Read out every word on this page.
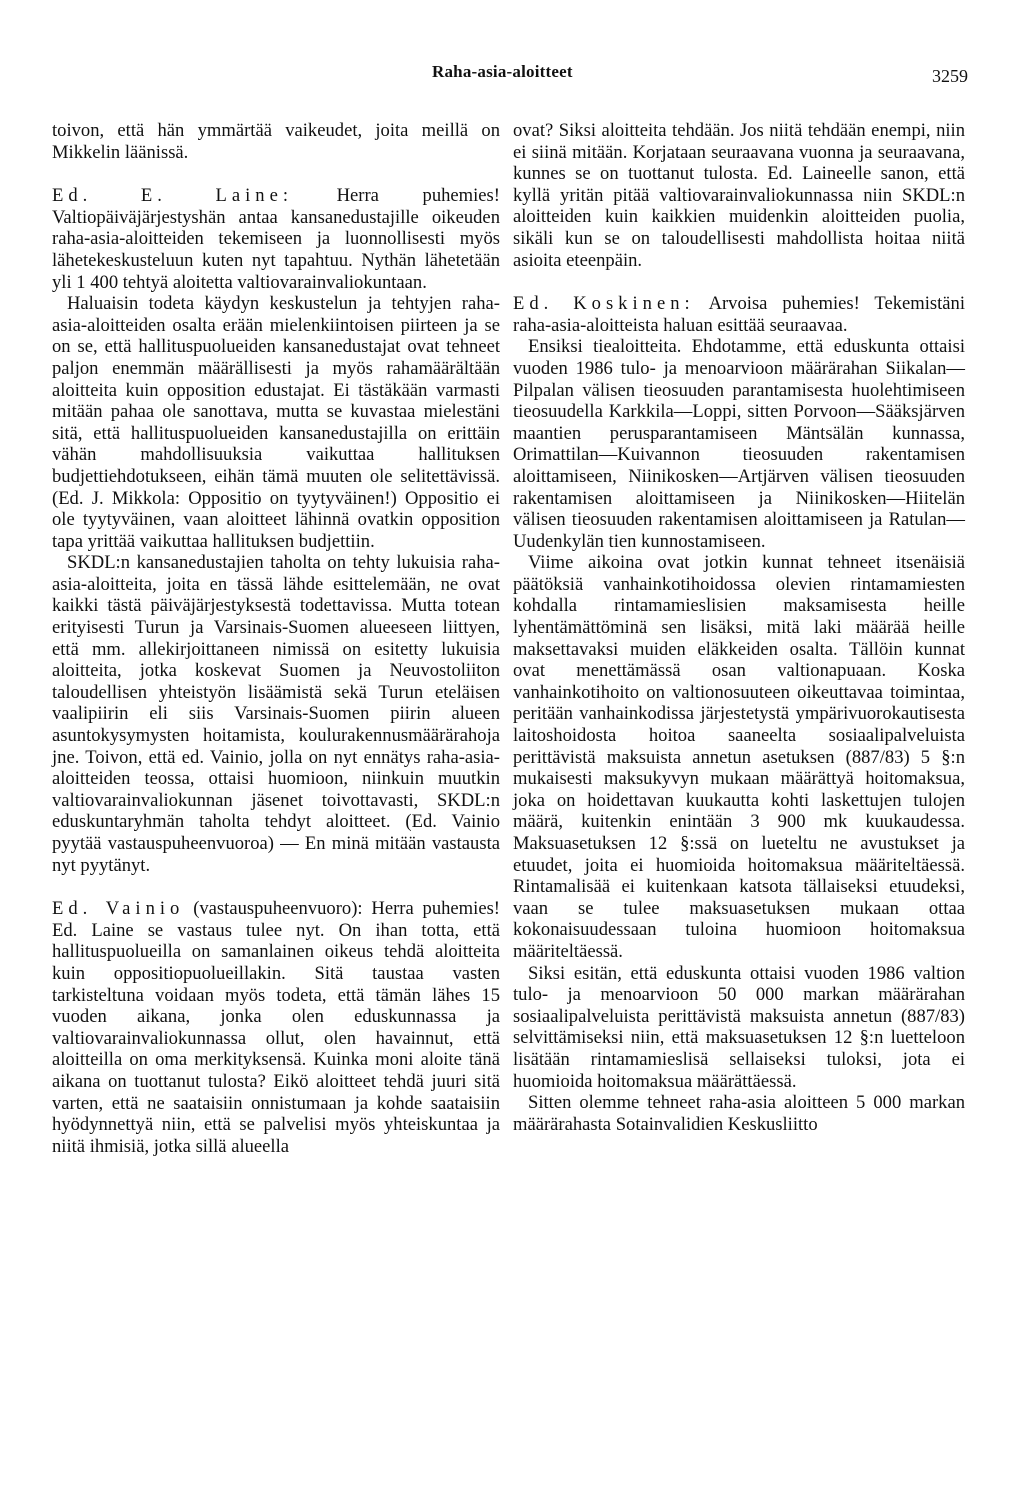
Raha-asia-aloitteet	3259

toivon, että hän ymmärtää vaikeudet, joita meillä on Mikkelin läänissä.

Ed. E. Laine: Herra puhemies! Valtiopäiväjärjestyshän antaa kansanedustajille oikeuden raha-asia-aloitteiden tekemiseen ja luonnollisesti myös lähetekeskusteluun kuten nyt tapahtuu. Nythän lähetetään yli 1 400 tehtyä aloitetta valtiovarainvaliokuntaan.

Haluaisin todeta käydyn keskustelun ja tehtyjen raha-asia-aloitteiden osalta erään mielenkiintoisen piirteen ja se on se, että hallituspuolueiden kansanedustajat ovat tehneet paljon enemmän määrällisesti ja myös rahamäärältään aloitteita kuin opposition edustajat. Ei tästäkään varmasti mitään pahaa ole sanottava, mutta se kuvastaa mielestäni sitä, että hallituspuolueiden kansanedustajilla on erittäin vähän mahdollisuuksia vaikuttaa hallituksen budjettiehdotukseen, eihän tämä muuten ole selitettävissä. (Ed. J. Mikkola: Oppositio on tyytyväinen!) Oppositio ei ole tyytyväinen, vaan aloitteet lähinnä ovatkin opposition tapa yrittää vaikuttaa hallituksen budjettiin.

SKDL:n kansanedustajien taholta on tehty lukuisia raha-asia-aloitteita, joita en tässä lähde esittelemään, ne ovat kaikki tästä päiväjärjestyksestä todettavissa. Mutta totean erityisesti Turun ja Varsinais-Suomen alueeseen liittyen, että mm. allekirjoittaneen nimissä on esitetty lukuisia aloitteita, jotka koskevat Suomen ja Neuvostoliiton taloudellisen yhteistyön lisäämistä sekä Turun eteläisen vaalipiirin eli siis Varsinais-Suomen piirin alueen asuntokysymysten hoitamista, koulurakennusmäärärahoja jne. Toivon, että ed. Vainio, jolla on nyt ennätys raha-asia-aloitteiden teossa, ottaisi huomioon, niinkuin muutkin valtiovarainvaliokunnan jäsenet toivottavasti, SKDL:n eduskuntaryhmän taholta tehdyt aloitteet. (Ed. Vainio pyytää vastauspuheenvuoroa) — En minä mitään vastausta nyt pyytänyt.

Ed. Vainio (vastauspuheenvuoro): Herra puhemies! Ed. Laine se vastaus tulee nyt. On ihan totta, että hallituspuolueilla on samanlainen oikeus tehdä aloitteita kuin oppositiopuolueillakin. Sitä taustaa vasten tarkisteltuna voidaan myös todeta, että tämän lähes 15 vuoden aikana, jonka olen eduskunnassa ja valtiovarainvaliokunnassa ollut, olen havainnut, että aloitteilla on oma merkityksensä. Kuinka moni aloite tänä aikana on tuottanut tulosta? Eikö aloitteet tehdä juuri sitä varten, että ne saataisiin onnistumaan ja kohde saataisiin hyödynnettyä niin, että se palvelisi myös yhteiskuntaa ja niitä ihmisiä, jotka sillä alueella

ovat? Siksi aloitteita tehdään. Jos niitä tehdään enempi, niin ei siinä mitään. Korjataan seuraavana vuonna ja seuraavana, kunnes se on tuottanut tulosta. Ed. Laineelle sanon, että kyllä yritän pitää valtiovarainvaliokunnassa niin SKDL:n aloitteiden kuin kaikkien muidenkin aloitteiden puolia, sikäli kun se on taloudellisesti mahdollista hoitaa niitä asioita eteenpäin.

Ed. Koskinen: Arvoisa puhemies! Tekemistäni raha-asia-aloitteista haluan esittää seuraavaa.

Ensiksi tiealoitteita. Ehdotamme, että eduskunta ottaisi vuoden 1986 tulo- ja menoarvioon määrärahan Siikalan—Pilpalan välisen tieosuuden parantamisesta huolehtimiseen tieosuudella Karkkila—Loppi, sitten Porvoon—Sääksjärven maantien perusparantamiseen Mäntsälän kunnassa, Orimattilan—Kuivannon tieosuuden rakentamisen aloittamiseen, Niinikosken—Artjärven välisen tieosuuden rakentamisen aloittamiseen ja Niinikosken—Hiitelän välisen tieosuuden rakentamisen aloittamiseen ja Ratulan—Uudenkylän tien kunnostamiseen.

Viime aikoina ovat jotkin kunnat tehneet itsenäisiä päätöksiä vanhainkotihoidossa olevien rintamamiesten kohdalla rintamamieslisien maksamisesta heille lyhentämättöminä sen lisäksi, mitä laki määrää heille maksettavaksi muiden eläkkeiden osalta. Tällöin kunnat ovat menettämässä osan valtionapuaan. Koska vanhainkotihoito on valtionosuuteen oikeuttavaa toimintaa, peritään vanhainkodissa järjestetystä ympärivuorokautisesta laitoshoidosta hoitoa saaneelta sosiaalipalveluista perittävistä maksuista annetun asetuksen (887/83) 5 §:n mukaisesti maksukyvyn mukaan määrättyä hoitomaksua, joka on hoidettavan kuukautta kohti laskettujen tulojen määrä, kuitenkin enintään 3 900 mk kuukaudessa. Maksuasetuksen 12 §:ssä on lueteltu ne avustukset ja etuudet, joita ei huomioida hoitomaksua määriteltäessä. Rintamalisää ei kuitenkaan katsota tällaiseksi etuudeksi, vaan se tulee maksuasetuksen mukaan ottaa kokonaisuudessaan tuloina huomioon hoitomaksua määriteltäessä.

Siksi esitän, että eduskunta ottaisi vuoden 1986 valtion tulo- ja menoarvioon 50 000 markan määrärahan sosiaalipalveluista perittävistä maksuista annetun (887/83) selvittämiseksi niin, että maksuasetuksen 12 §:n luetteloon lisätään rintamamieslisä sellaiseksi tuloksi, jota ei huomioida hoitomaksua määrättäessä.

Sitten olemme tehneet raha-asia aloitteen 5 000 markan määrärahasta Sotainvalidien Keskusliitto
